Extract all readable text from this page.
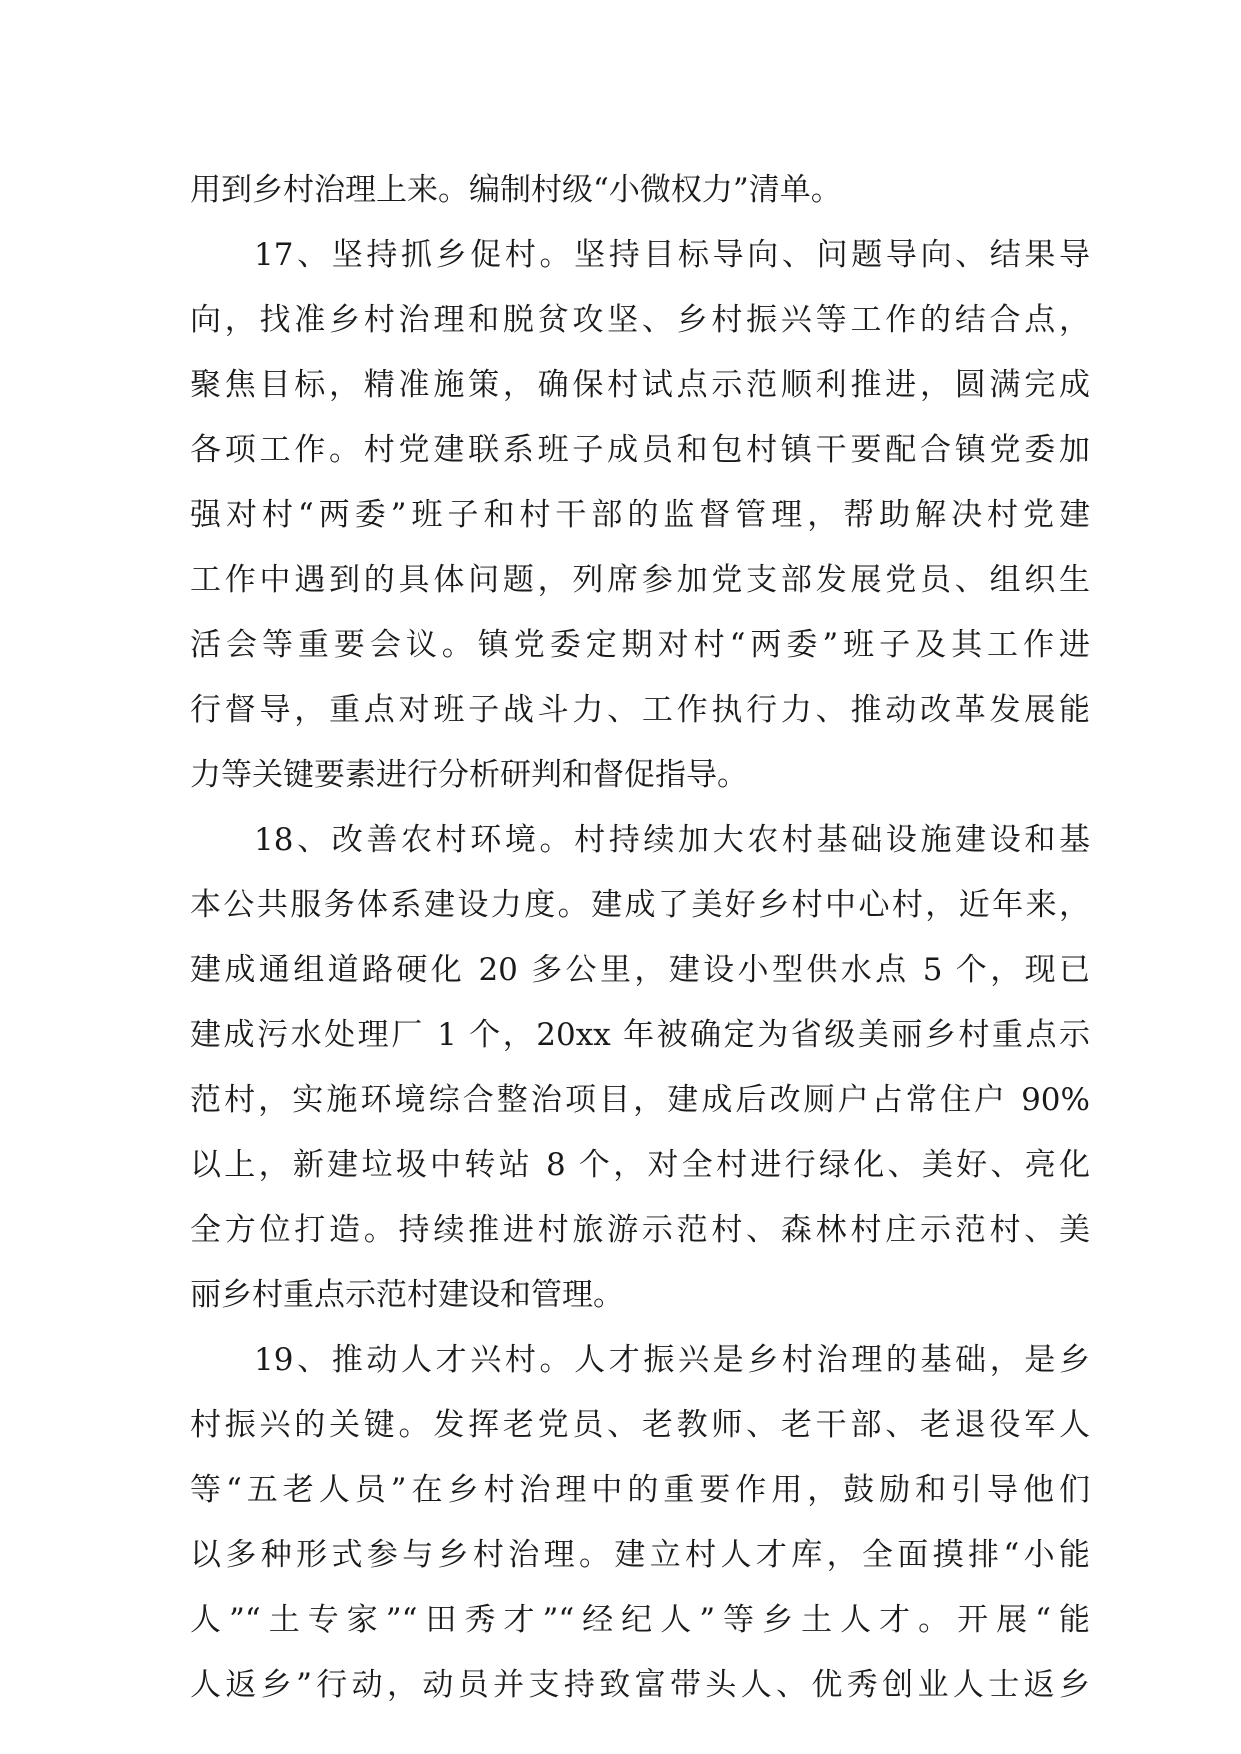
用到乡村治理上来。编制村级“小微权力”清单。
17、坚持抓乡促村。坚持目标导向、问题导向、结果导
向，找准乡村治理和脱贫攻坚、乡村振兴等工作的结合点，
聚焦目标，精准施策，确保村试点示范顺利推进，圆满完成
各项工作。村党建联系班子成员和包村镇干要配合镇党委加
强对村“两委”班子和村干部的监督管理，帮助解决村党建
工作中遇到的具体问题，列席参加党支部发展党员、组织生
活会等重要会议。镇党委定期对村“两委”班子及其工作进
行督导，重点对班子战斗力、工作执行力、推动改革发展能
力等关键要素进行分析研判和督促指导。
18、改善农村环境。村持续加大农村基础设施建设和基
本公共服务体系建设力度。建成了美好乡村中心村，近年来，
建成通组道路硬化 20 多公里，建设小型供水点 5 个，现已
建成污水处理厂 1 个，20xx 年被确定为省级美丽乡村重点示
范村，实施环境综合整治项目，建成后改厕户占常住户 90%
以上，新建垃圾中转站 8 个，对全村进行绿化、美好、亮化
全方位打造。持续推进村旅游示范村、森林村庄示范村、美
丽乡村重点示范村建设和管理。
19、推动人才兴村。人才振兴是乡村治理的基础，是乡
村振兴的关键。发挥老党员、老教师、老干部、老退役军人
等“五老人员”在乡村治理中的重要作用，鼓励和引导他们
以多种形式参与乡村治理。建立村人才库，全面摸排“小能
人”“土专家”“田秀才”“经纪人”等乡土人才。开展“能
人返乡”行动，动员并支持致富带头人、优秀创业人士返乡
